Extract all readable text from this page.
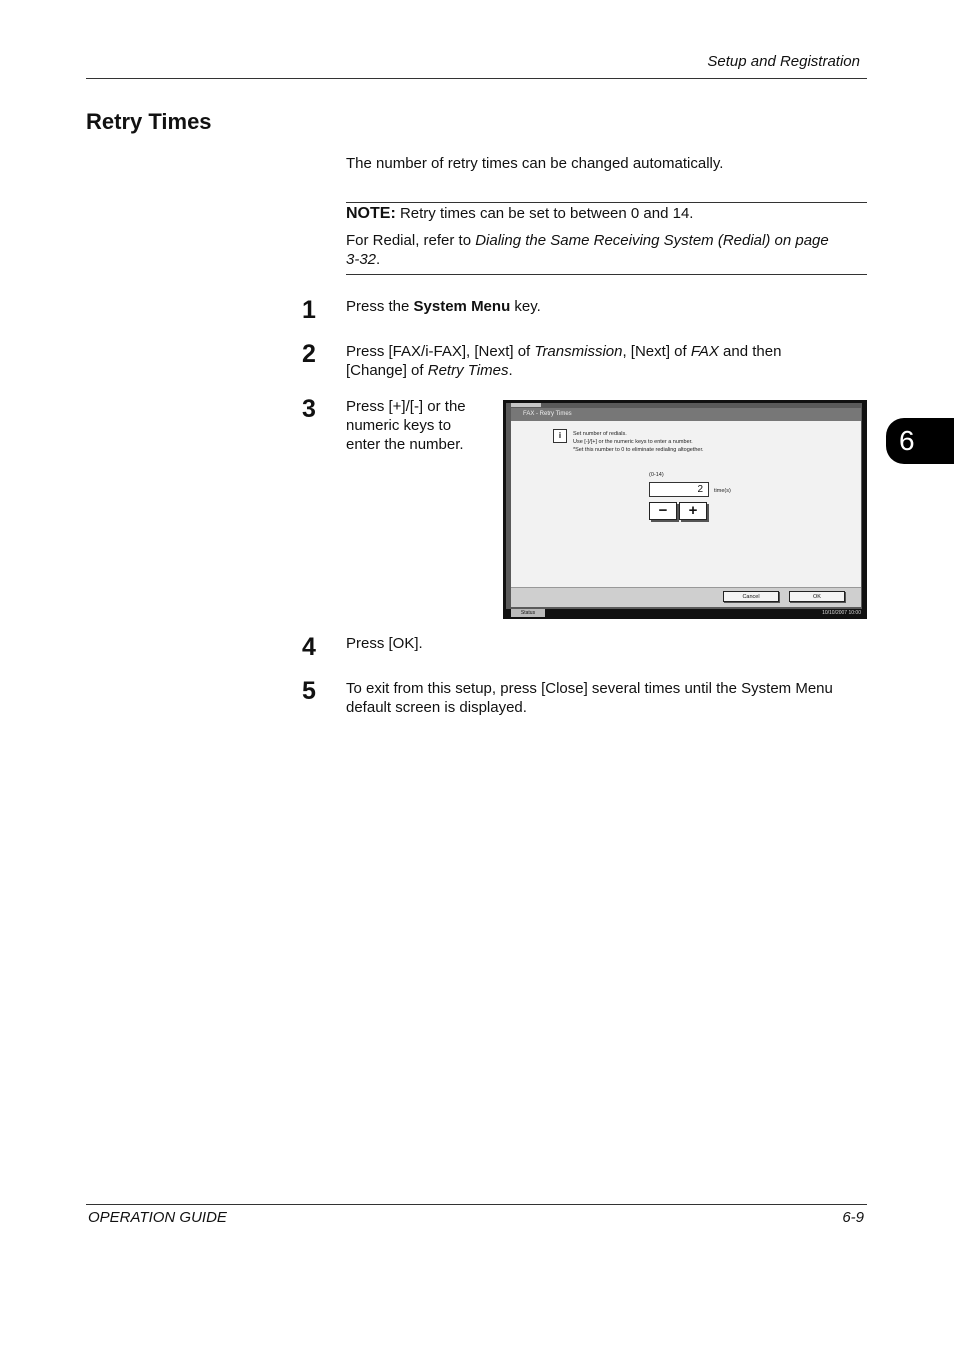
Setup and Registration
Retry Times
The number of retry times can be changed automatically.
NOTE: Retry times can be set to between 0 and 14.
For Redial, refer to Dialing the Same Receiving System (Redial) on page 3-32.
1 Press the System Menu key.
2 Press [FAX/i-FAX], [Next] of Transmission, [Next] of FAX and then [Change] of Retry Times.
3 Press [+]/[-] or the numeric keys to enter the number.
FAX - Retry Times
i	Set number of redials.
Use [-]/[+] or the numeric keys to enter a number.
*Set this number to 0 to eliminate redialing altogether.
(0-14)
2	time(s)
−	+
Cancel	OK
Status	10/10/2007 10:00
4 Press [OK].
5 To exit from this setup, press [Close] several times until the System Menu default screen is displayed.
6
OPERATION GUIDE	6-9
